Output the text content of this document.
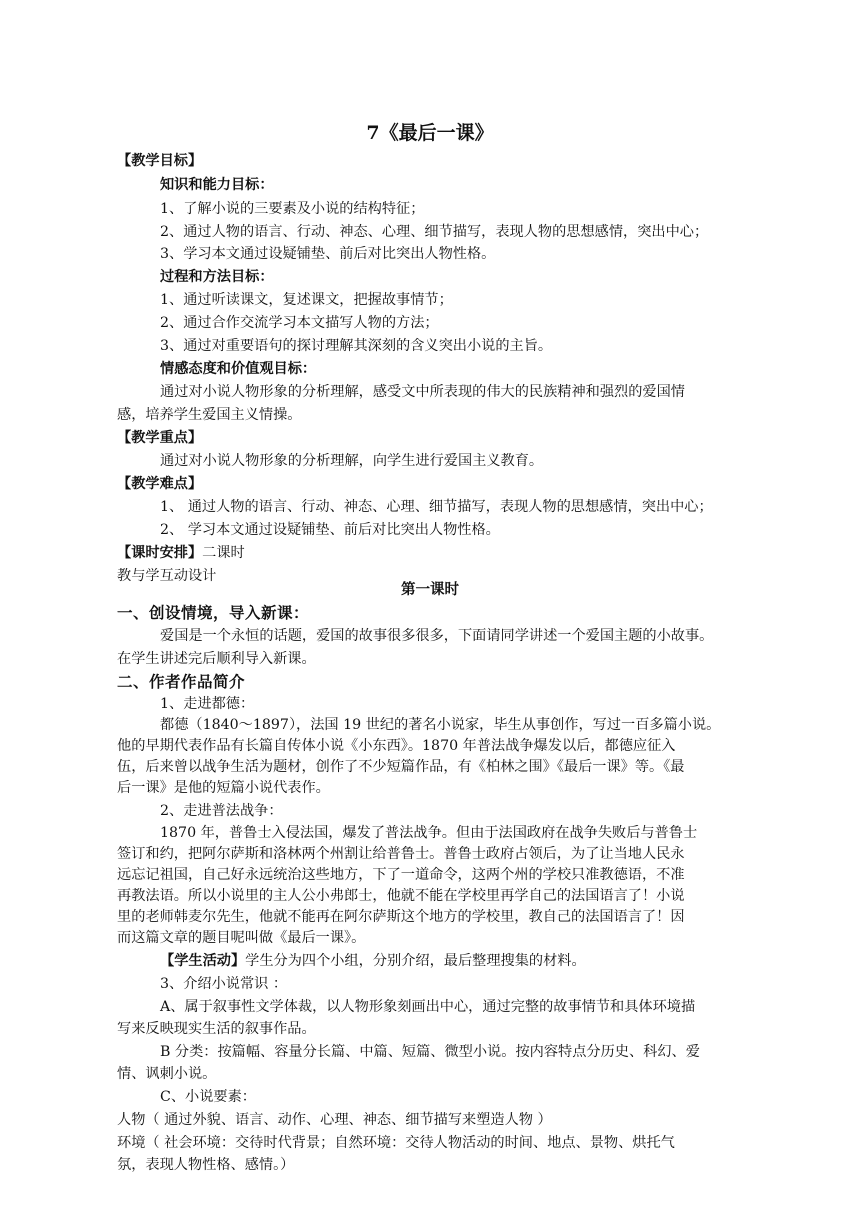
7《最后一课》
【教学目标】
知识和能力目标：
1、了解小说的三要素及小说的结构特征；
2、通过人物的语言、行动、神态、心理、细节描写，表现人物的思想感情，突出中心；
3、学习本文通过设疑铺垫、前后对比突出人物性格。
过程和方法目标：
1、通过听读课文，复述课文，把握故事情节；
2、通过合作交流学习本文描写人物的方法；
3、通过对重要语句的探讨理解其深刻的含义突出小说的主旨。
情感态度和价值观目标：
通过对小说人物形象的分析理解，感受文中所表现的伟大的民族精神和强烈的爱国情
感，培养学生爱国主义情操。
【教学重点】
通过对小说人物形象的分析理解，向学生进行爱国主义教育。
【教学难点】
1、 通过人物的语言、行动、神态、心理、细节描写，表现人物的思想感情，突出中心；
2、 学习本文通过设疑铺垫、前后对比突出人物性格。
【课时安排】二课时
教与学互动设计
第一课时
一、创设情境，导入新课：
爱国是一个永恒的话题，爱国的故事很多很多，下面请同学讲述一个爱国主题的小故事。
在学生讲述完后顺利导入新课。
二、作者作品简介
1、走进都德：
都德（1840～1897），法国 19 世纪的著名小说家，毕生从事创作，写过一百多篇小说。
他的早期代表作品有长篇自传体小说《小东西》。1870 年普法战争爆发以后，都德应征入
伍，后来曾以战争生活为题材，创作了不少短篇作品，有《柏林之围》《最后一课》等。《最
后一课》是他的短篇小说代表作。
2、走进普法战争：
1870 年，普鲁士入侵法国，爆发了普法战争。但由于法国政府在战争失败后与普鲁士
签订和约，把阿尔萨斯和洛林两个州割让给普鲁士。普鲁士政府占领后，为了让当地人民永
远忘记祖国，自己好永远统治这些地方，下了一道命令，这两个州的学校只准教德语，不准
再教法语。所以小说里的主人公小弗郎士，他就不能在学校里再学自己的法国语言了！小说
里的老师韩麦尔先生，他就不能再在阿尔萨斯这个地方的学校里，教自己的法国语言了！因
而这篇文章的题目呢叫做《最后一课》。
【学生活动】学生分为四个小组，分别介绍，最后整理搜集的材料。
3、介绍小说常识 ：
A、属于叙事性文学体裁，以人物形象刻画出中心，通过完整的故事情节和具体环境描
写来反映现实生活的叙事作品。
B 分类：按篇幅、容量分长篇、中篇、短篇、微型小说。按内容特点分历史、科幻、爱
情、讽刺小说。
C、小说要素：
人物（ 通过外貌、语言、动作、心理、神态、细节描写来塑造人物 ）
环境（ 社会环境：交待时代背景；自然环境：交待人物活动的时间、地点、景物、烘托气
氛，表现人物性格、感情。）
